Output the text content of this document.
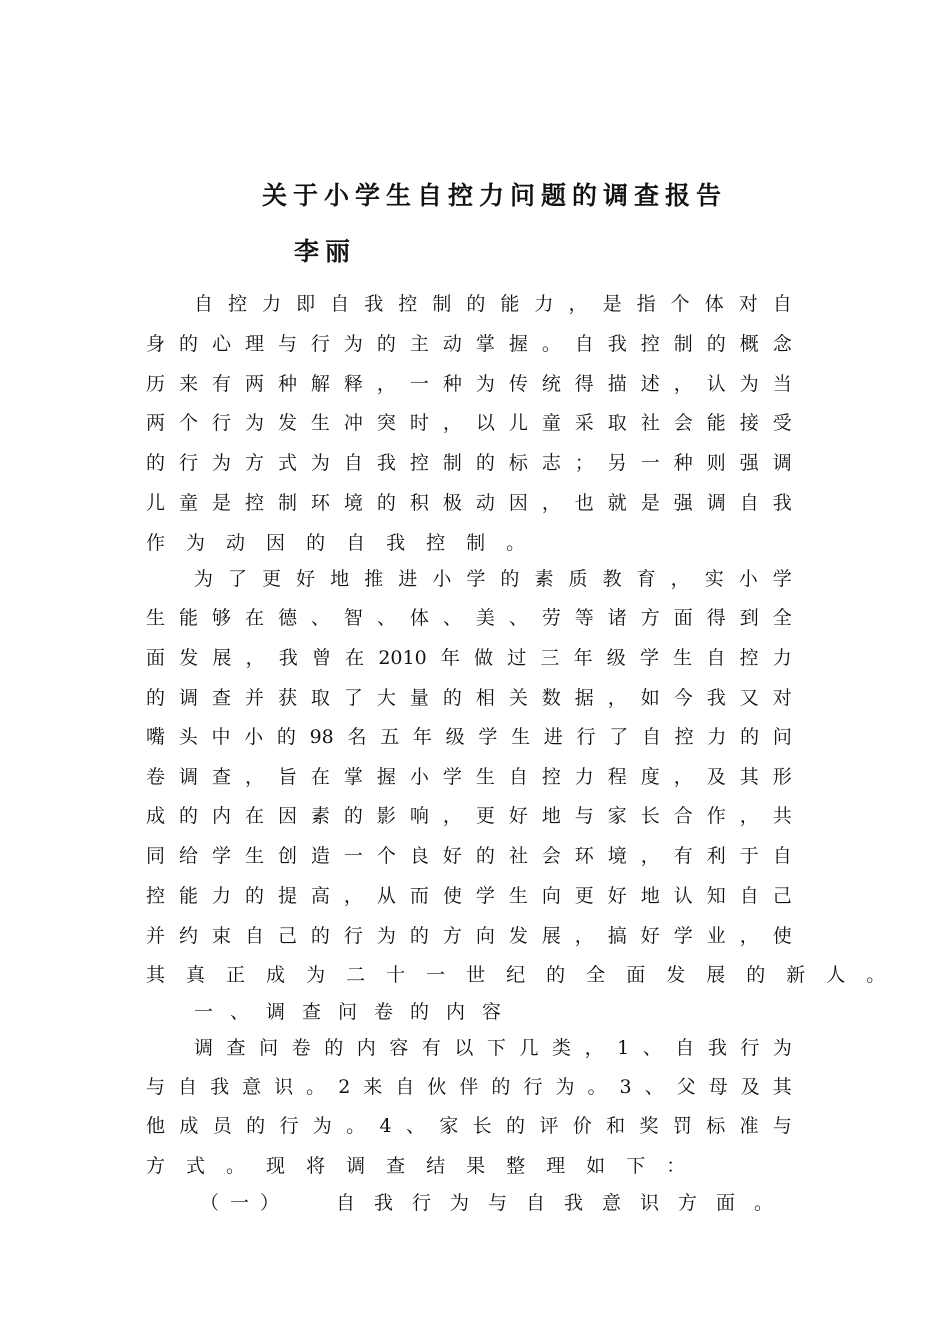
关于小学生自控力问题的调查报告
李丽
自 控 力 即 自 我 控 制 的 能 力 ， 是 指 个 体 对 自
身 的 心 理 与 行 为 的 主 动 掌 握 。 自 我 控 制 的 概 念
历 来 有 两 种 解 释 ， 一 种 为 传 统 得 描 述 ， 认 为 当
两 个 行 为 发 生 冲 突 时 ， 以 儿 童 采 取 社 会 能 接 受
的 行 为 方 式 为 自 我 控 制 的 标 志 ； 另 一 种 则 强 调
儿 童 是 控 制 环 境 的 积 极 动 因 ， 也 就 是 强 调 自 我
作 为 动 因 的 自 我 控 制 。
为 了 更 好 地 推 进 小 学 的 素 质 教 育 ， 实 小 学
生 能 够 在 德 、 智 、 体 、 美 、 劳 等 诸 方 面 得 到 全
面 发 展 ， 我 曾 在 2010 年 做 过 三 年 级 学 生 自 控 力
的 调 查 并 获 取 了 大 量 的 相 关 数 据 ， 如 今 我 又 对
嘴 头 中 小 的 98 名 五 年 级 学 生 进 行 了 自 控 力 的 问
卷 调 查 ， 旨 在 掌 握 小 学 生 自 控 力 程 度 ， 及 其 形
成 的 内 在 因 素 的 影 响 ， 更 好 地 与 家 长 合 作 ， 共
同 给 学 生 创 造 一 个 良 好 的 社 会 环 境 ， 有 利 于 自
控 能 力 的 提 高 ， 从 而 使 学 生 向 更 好 地 认 知 自 己
并 约 束 自 己 的 行 为 的 方 向 发 展 ， 搞 好 学 业 ， 使
其 真 正 成 为 二 十 一 世 纪 的 全 面 发 展 的 新 人 。
一、调查问卷的内容
调 查 问 卷 的 内 容 有 以 下 几 类 ， 1 、 自 我 行 为
与 自 我 意 识 。 2 来 自 伙 伴 的 行 为 。 3 、 父 母 及 其
他 成 员 的 行 为 。 4 、 家 长 的 评 价 和 奖 罚 标 准 与
方 式 。 现 将 调 查 结 果 整 理 如 下 ：
（一） 自我行为与自我意识方面。
